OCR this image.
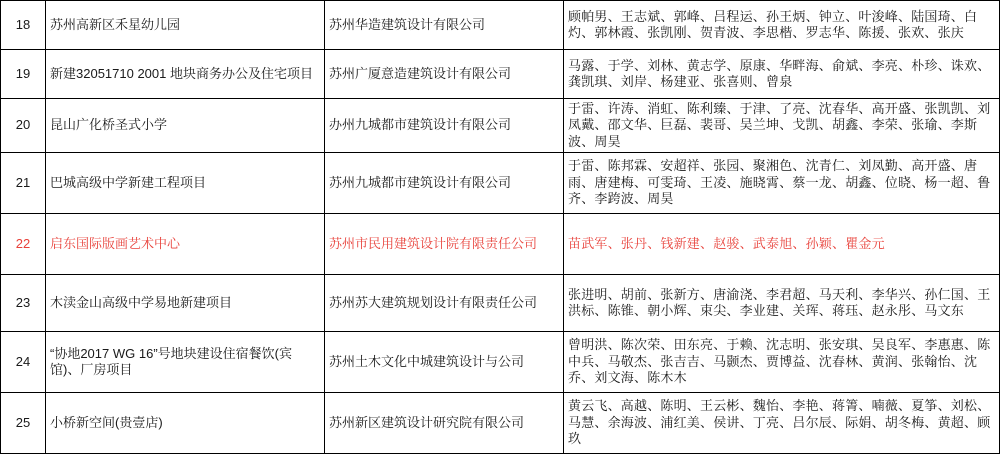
18	苏州高新区禾星幼儿园	苏州华造建筑设计有限公司	顾帕男、王志斌、郭峰、吕程运、孙王炳、钟立、叶浚峰、陆国琦、白灼、郭林霞、张凯刚、贺青波、李思楷、罗志华、陈援、张欢、张庆
19	新建32051710 2001 地块商务办公及住宅项目	苏州广厦意造建筑设计有限公司	马露、于学、刘林、黄志学、原康、华畔海、俞斌、李亮、朴珍、诛欢、龚凯琪、刘岸、杨建亚、张喜则、曾泉
20	昆山广化桥圣式小学	办州九城都市建筑设计有限公司	于雷、许涛、消虹、陈利臻、于津、了亮、沈春华、高开盛、张凯凯、刘凤戴、邵文华、巨磊、裴哥、吴兰坤、戈凯、胡鑫、李荣、张瑜、李斯波、周昊
21	巴城高级中学新建工程项目	苏州九城都市建筑设计有限公司	于雷、陈邦霖、安超祥、张园、聚湘色、沈青仁、刘凤勤、高开盛、唐雨、唐建梅、可雯琦、王凌、施晓霄、蔡一龙、胡鑫、位晓、杨一超、鲁齐、李跨波、周昊
22	启东国际版画艺术中心	苏州市民用建筑设计院有限责任公司	苗武军、张丹、钱新建、赵骏、武泰旭、孙颖、瞿金元
23	木渎金山高级中学易地新建项目	苏州苏大建筑规划设计有限责任公司	张进明、胡前、张新方、唐渝浇、李君超、马天利、李华兴、孙仁国、王洪标、陈锥、朝小辉、束尖、李业建、关珲、蒋珏、赵永彤、马文东
24	“协地2017 WG 16”号地块建设住宿餐饮(宾馆)、厂房项目	苏州土木文化中城建筑设计与公司	曾明洪、陈次荣、田东亮、于赖、沈志明、张安琪、吴良军、李惠惠、陈中兵、马敬杰、张吉吉、马颢杰、贾博益、沈春林、黄润、张翰怡、沈乔、刘文海、陈木木
25	小桥新空间(贵壹店)	苏州新区建筑设计研究院有限公司	黄云飞、高越、陈明、王云彬、魏怡、李艳、蒋箐、喃薇、夏筝、刘松、马慧、余海波、浦红美、侯讲、丁亮、吕尔辰、际娟、胡冬梅、黄超、顾玖
